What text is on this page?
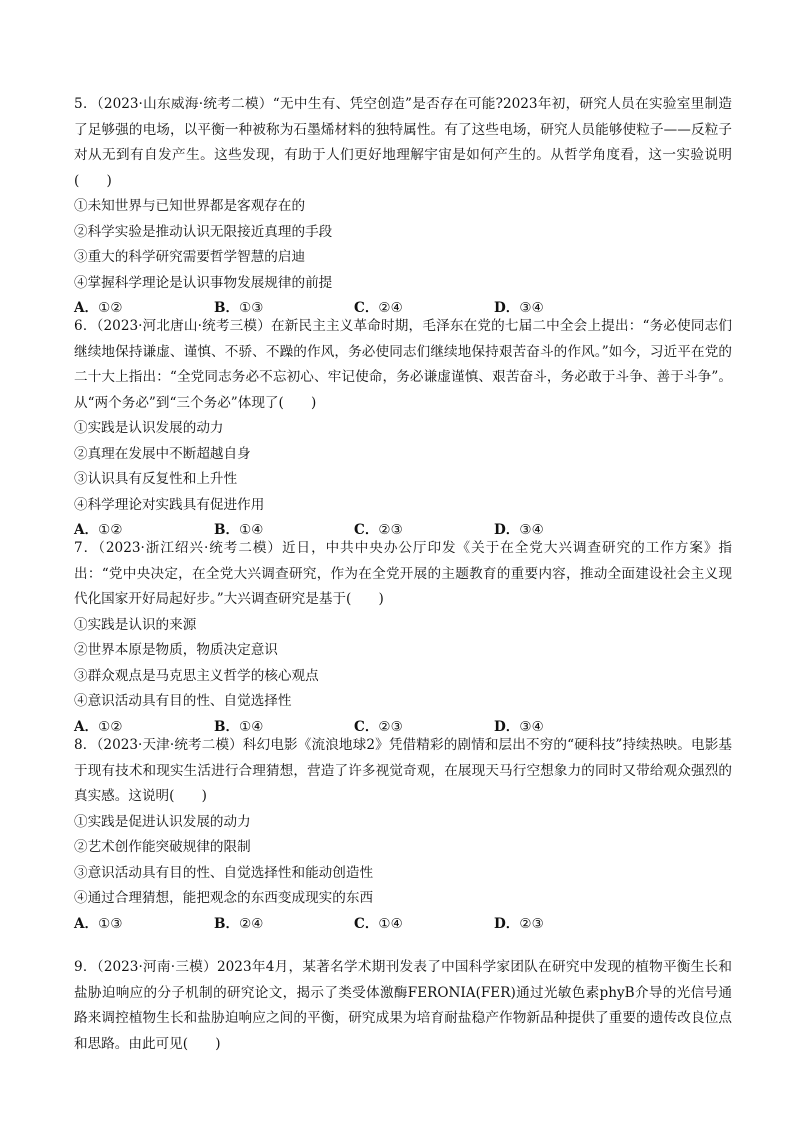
5．（2023·山东威海·统考二模）“无中生有、凭空创造”是否存在可能?2023年初，研究人员在实验室里制造了足够强的电场，以平衡一种被称为石墨烯材料的独特属性。有了这些电场，研究人员能够使粒子——反粒子对从无到有自发产生。这些发现，有助于人们更好地理解宇宙是如何产生的。从哲学角度看，这一实验说明(　　)
①未知世界与已知世界都是客观存在的
②科学实验是推动认识无限接近真理的手段
③重大的科学研究需要哲学智慧的启迪
④掌握科学理论是认识事物发展规律的前提
A．①②	B．①③	C．②④	D．③④
6．（2023·河北唐山·统考三模）在新民主主义革命时期，毛泽东在党的七届二中全会上提出：“务必使同志们继续地保持谦虚、谨慎、不骄、不躁的作风，务必使同志们继续地保持艰苦奋斗的作风。”如今，习近平在党的二十大上指出：“全党同志务必不忘初心、牢记使命，务必谦虚谨慎、艰苦奋斗，务必敢于斗争、善于斗争”。从“两个务必”到“三个务必”体现了(　　)
①实践是认识发展的动力
②真理在发展中不断超越自身
③认识具有反复性和上升性
④科学理论对实践具有促进作用
A．①②	B．①④	C．②③	D．③④
7．（2023·浙江绍兴·统考二模）近日，中共中央办公厅印发《关于在全党大兴调查研究的工作方案》指出：“党中央决定，在全党大兴调查研究，作为在全党开展的主题教育的重要内容，推动全面建设社会主义现代化国家开好局起好步。”大兴调查研究是基于(　　)
①实践是认识的来源
②世界本原是物质，物质决定意识
③群众观点是马克思主义哲学的核心观点
④意识活动具有目的性、自觉选择性
A．①②	B．①④	C．②③	D．③④
8．（2023·天津·统考二模）科幻电影《流浪地球2》凭借精彩的剧情和层出不穷的“硬科技”持续热映。电影基于现有技术和现实生活进行合理猜想，营造了许多视觉奇观，在展现天马行空想象力的同时又带给观众强烈的真实感。这说明(　　)
①实践是促进认识发展的动力
②艺术创作能突破规律的限制
③意识活动具有目的性、自觉选择性和能动创造性
④通过合理猜想，能把观念的东西变成现实的东西
A．①③	B．②④	C．①④	D．②③
9．（2023·河南·三模）2023年4月，某著名学术期刊发表了中国科学家团队在研究中发现的植物平衡生长和盐胁迫响应的分子机制的研究论文，揭示了类受体激酶FERONIA(FER)通过光敏色素phyB介导的光信号通路来调控植物生长和盐胁迫响应之间的平衡，研究成果为培育耐盐稳产作物新品种提供了重要的遗传改良位点和思路。由此可见(　　)
